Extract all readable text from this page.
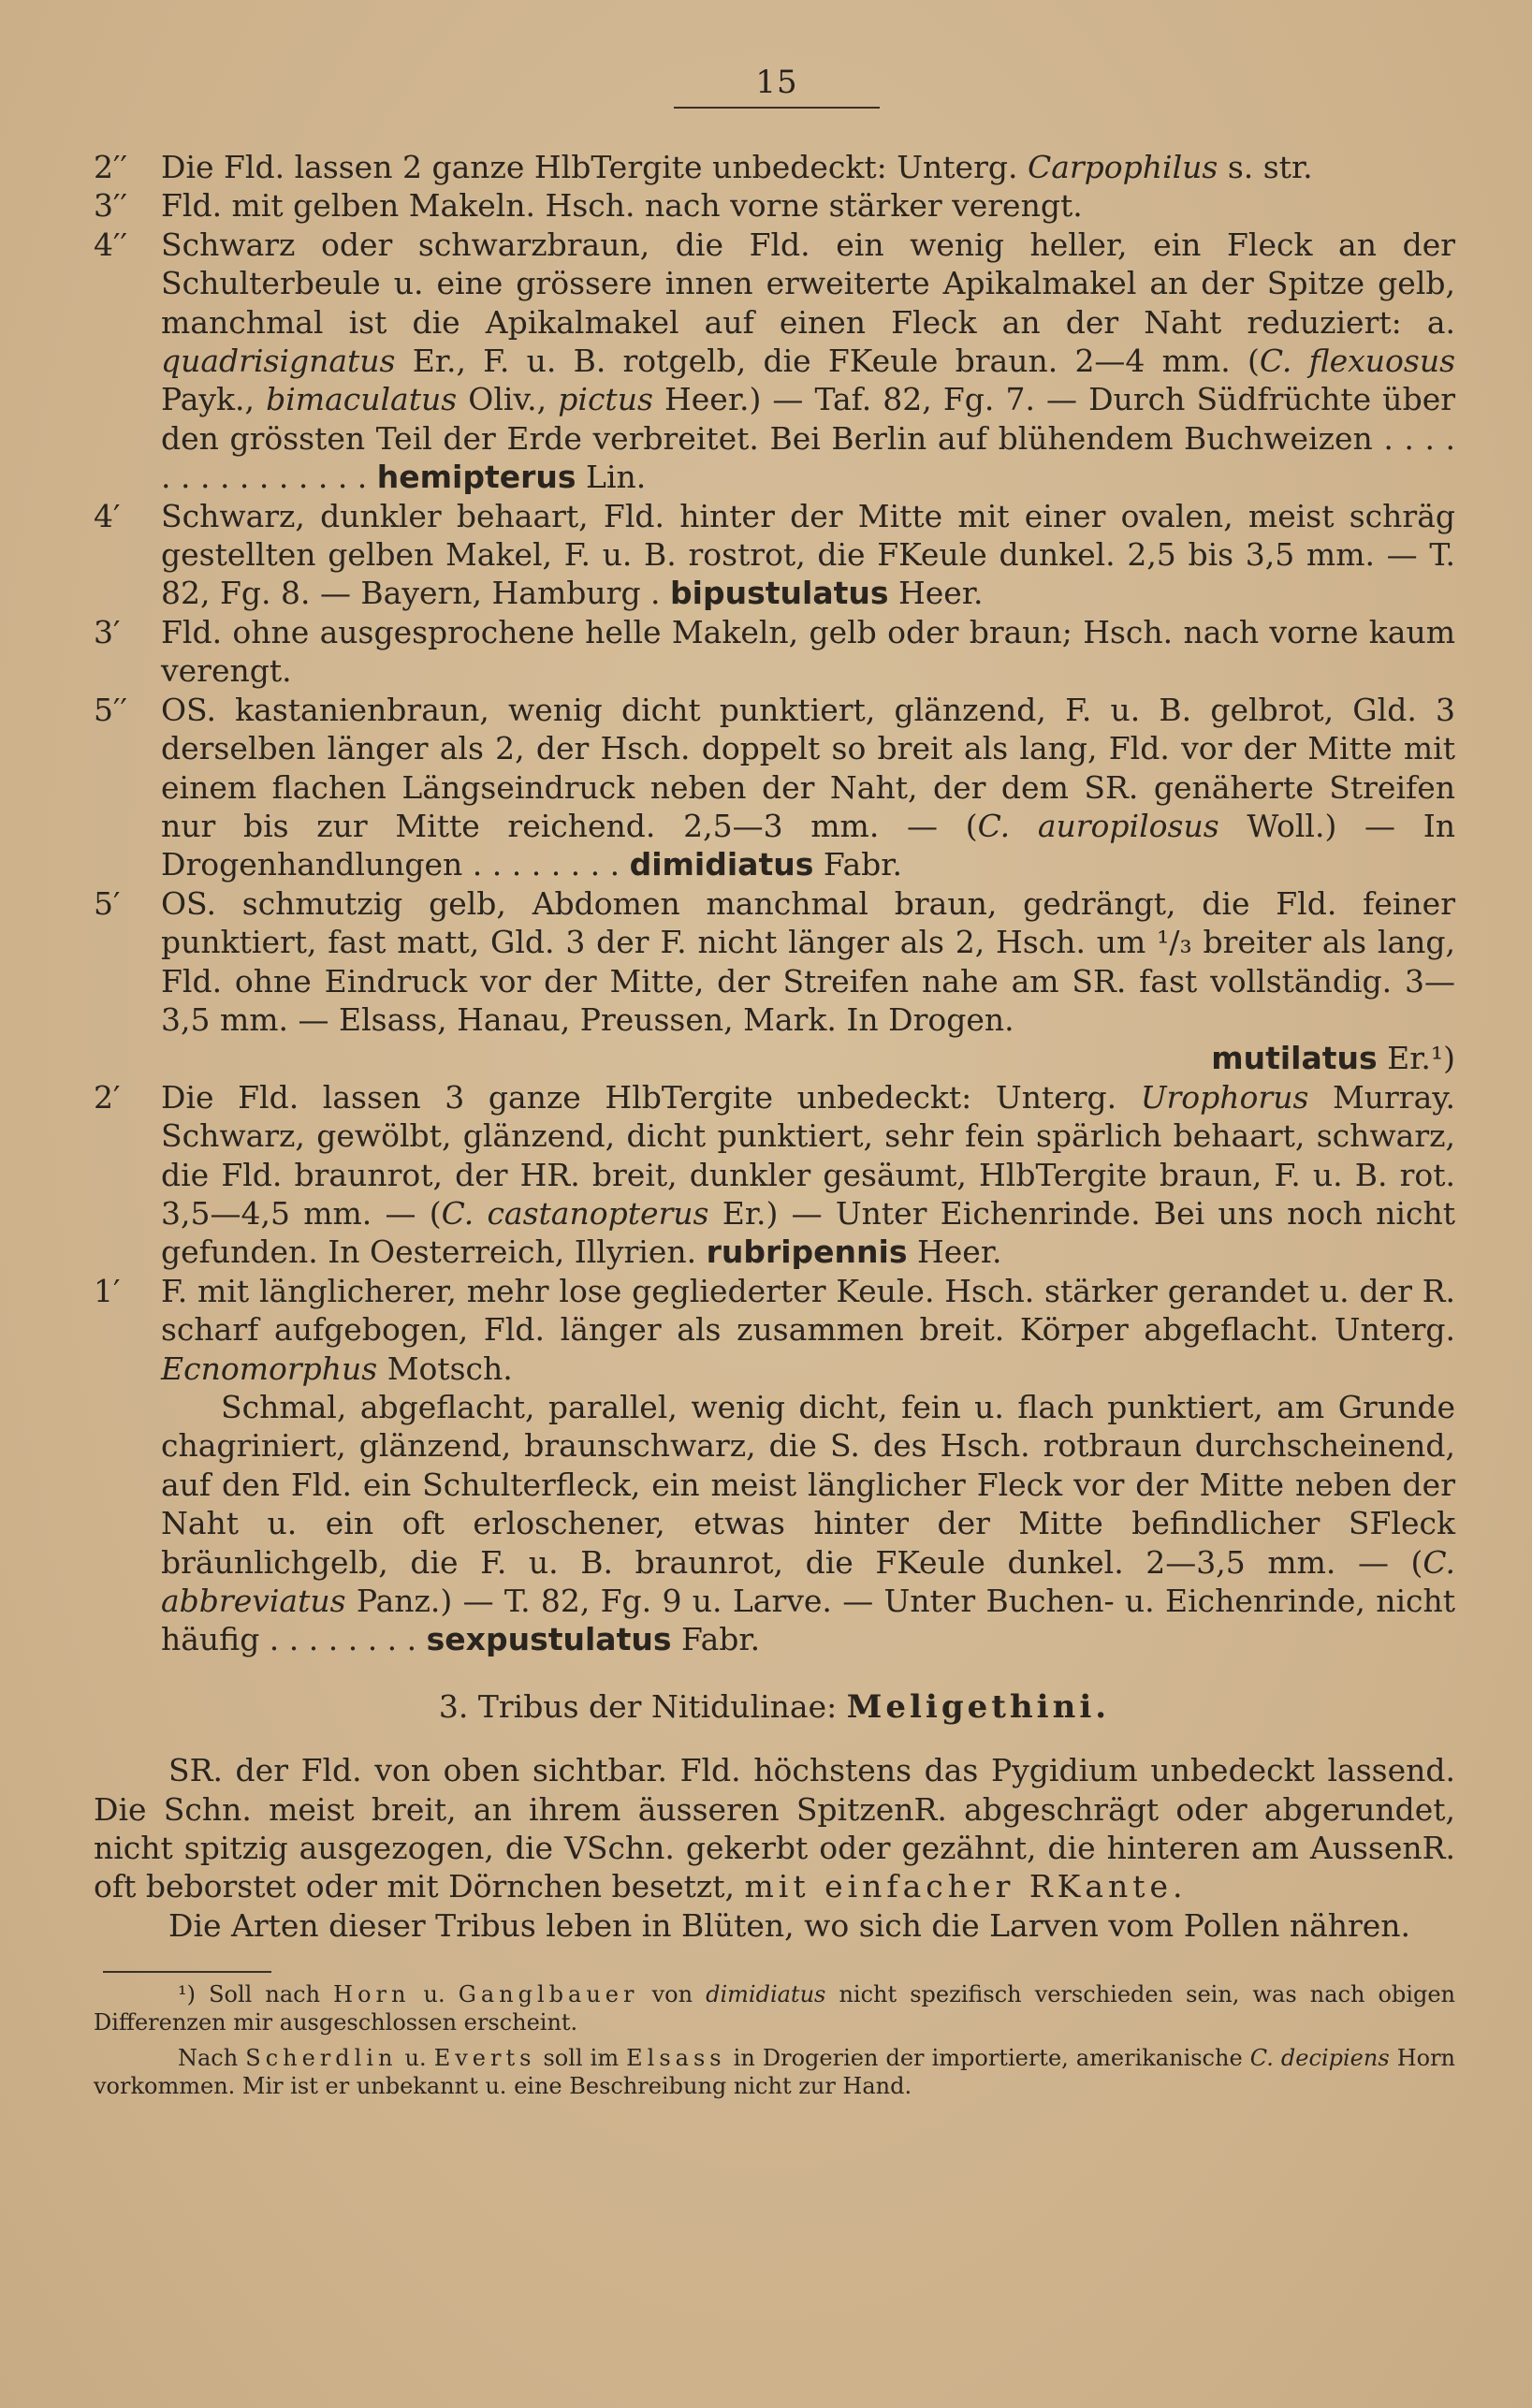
15

2′′	Die Fld. lassen 2 ganze HlbTergite unbedeckt: Unterg. Carpophilus s. str.

3′′	Fld. mit gelben Makeln. Hsch. nach vorne stärker verengt.

4′′	Schwarz oder schwarzbraun, die Fld. ein wenig heller, ein Fleck an der Schulterbeule u. eine grössere innen erweiterte Apikalmakel an der Spitze gelb, manchmal ist die Apikalmakel auf einen Fleck an der Naht reduziert: a. quadrisignatus Er., F. u. B. rotgelb, die FKeule braun. 2—4 mm. (C. flexuosus Payk., bimaculatus Oliv., pictus Heer.) — Taf. 82, Fg. 7. — Durch Südfrüchte über den grössten Teil der Erde verbreitet. Bei Berlin auf blühendem Buchweizen . . . . . . . . . . . . . . . hemipterus Lin.

4′	Schwarz, dunkler behaart, Fld. hinter der Mitte mit einer ovalen, meist schräg gestellten gelben Makel, F. u. B. rostrot, die FKeule dunkel. 2,5 bis 3,5 mm. — T. 82, Fg. 8. — Bayern, Hamburg . bipustulatus Heer.

3′	Fld. ohne ausgesprochene helle Makeln, gelb oder braun; Hsch. nach vorne kaum verengt.

5′′	OS. kastanienbraun, wenig dicht punktiert, glänzend, F. u. B. gelbrot, Gld. 3 derselben länger als 2, der Hsch. doppelt so breit als lang, Fld. vor der Mitte mit einem flachen Längseindruck neben der Naht, der dem SR. genäherte Streifen nur bis zur Mitte reichend. 2,5—3 mm. — (C. auropilosus Woll.) — In Drogenhandlungen . . . . . . . . dimidiatus Fabr.

5′	OS. schmutzig gelb, Abdomen manchmal braun, gedrängt, die Fld. feiner punktiert, fast matt, Gld. 3 der F. nicht länger als 2, Hsch. um ¹/₃ breiter als lang, Fld. ohne Eindruck vor der Mitte, der Streifen nahe am SR. fast vollständig. 3—3,5 mm. — Elsass, Hanau, Preussen, Mark. In Drogen.
mutilatus Er.¹)

2′	Die Fld. lassen 3 ganze HlbTergite unbedeckt: Unterg. Urophorus Murray. Schwarz, gewölbt, glänzend, dicht punktiert, sehr fein spärlich behaart, schwarz, die Fld. braunrot, der HR. breit, dunkler gesäumt, HlbTergite braun, F. u. B. rot. 3,5—4,5 mm. — (C. castanopterus Er.) — Unter Eichenrinde. Bei uns noch nicht gefunden. In Oesterreich, Illyrien. rubripennis Heer.

1′	F. mit länglicherer, mehr lose gegliederter Keule. Hsch. stärker gerandet u. der R. scharf aufgebogen, Fld. länger als zusammen breit. Körper abgeflacht. Unterg. Ecnomorphus Motsch.

Schmal, abgeflacht, parallel, wenig dicht, fein u. flach punktiert, am Grunde chagriniert, glänzend, braunschwarz, die S. des Hsch. rotbraun durchscheinend, auf den Fld. ein Schulterfleck, ein meist länglicher Fleck vor der Mitte neben der Naht u. ein oft erloschener, etwas hinter der Mitte befindlicher SFleck bräunlichgelb, die F. u. B. braunrot, die FKeule dunkel. 2—3,5 mm. — (C. abbreviatus Panz.) — T. 82, Fg. 9 u. Larve. — Unter Buchen- u. Eichenrinde, nicht häufig . . . . . . . . sexpustulatus Fabr.

3. Tribus der Nitidulinae: Meligethini.

SR. der Fld. von oben sichtbar. Fld. höchstens das Pygidium unbedeckt lassend. Die Schn. meist breit, an ihrem äusseren SpitzenR. abgeschrägt oder abgerundet, nicht spitzig ausgezogen, die VSchn. gekerbt oder gezähnt, die hinteren am AussenR. oft beborstet oder mit Dörnchen besetzt, mit einfacher RKante.

Die Arten dieser Tribus leben in Blüten, wo sich die Larven vom Pollen nähren.

¹) Soll nach Horn u. Ganglbauer von dimidiatus nicht spezifisch verschieden sein, was nach obigen Differenzen mir ausgeschlossen erscheint.

Nach Scherdlin u. Everts soll im Elsass in Drogerien der importierte, amerikanische C. decipiens Horn vorkommen. Mir ist er unbekannt u. eine Beschreibung nicht zur Hand.
